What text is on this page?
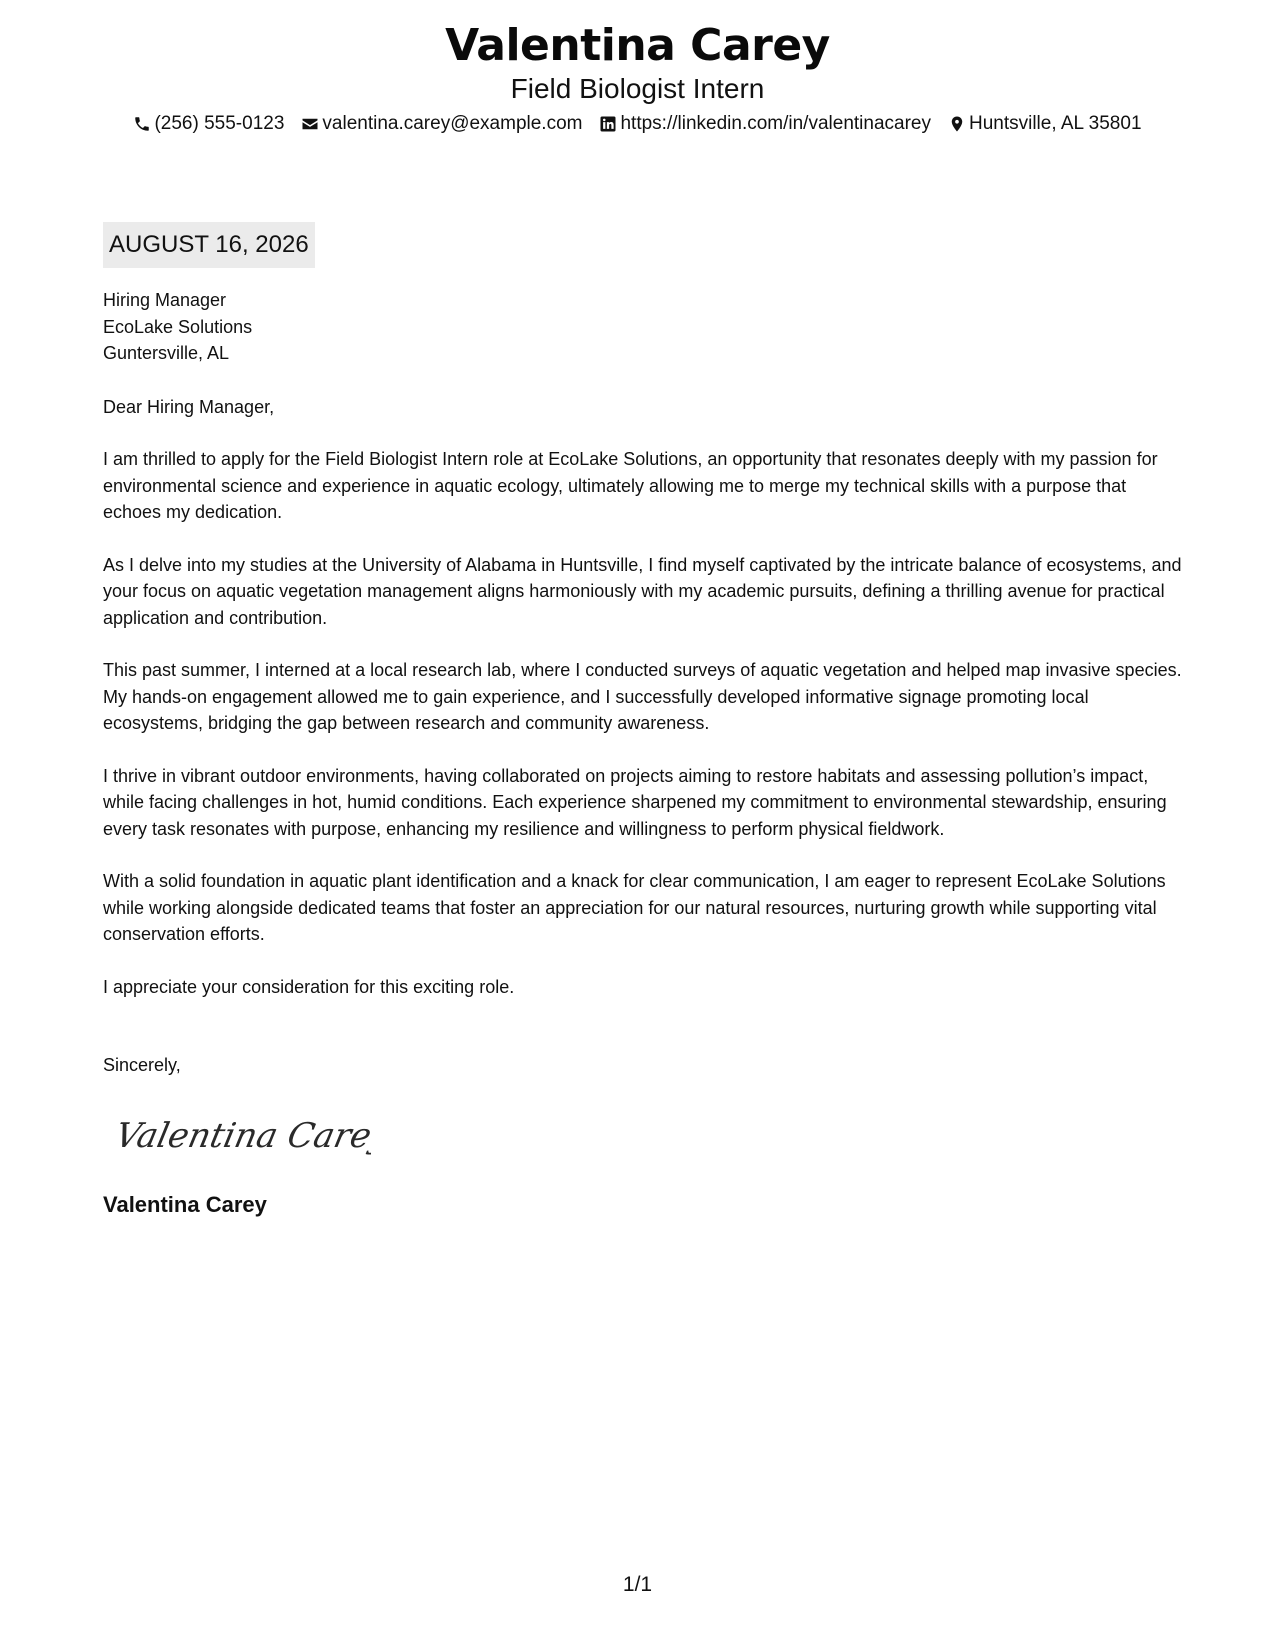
Valentina Carey
Field Biologist Intern
(256) 555-0123 valentina.carey@example.com https://linkedin.com/in/valentinacarey Huntsville, AL 35801
AUGUST 16, 2026
Hiring Manager
EcoLake Solutions
Guntersville, AL
Dear Hiring Manager,

I am thrilled to apply for the Field Biologist Intern role at EcoLake Solutions, an opportunity that resonates deeply with my passion for environmental science and experience in aquatic ecology, ultimately allowing me to merge my technical skills with a purpose that echoes my dedication.

As I delve into my studies at the University of Alabama in Huntsville, I find myself captivated by the intricate balance of ecosystems, and your focus on aquatic vegetation management aligns harmoniously with my academic pursuits, defining a thrilling avenue for practical application and contribution.

This past summer, I interned at a local research lab, where I conducted surveys of aquatic vegetation and helped map invasive species. My hands-on engagement allowed me to gain experience, and I successfully developed informative signage promoting local ecosystems, bridging the gap between research and community awareness.

I thrive in vibrant outdoor environments, having collaborated on projects aiming to restore habitats and assessing pollution’s impact, while facing challenges in hot, humid conditions. Each experience sharpened my commitment to environmental stewardship, ensuring every task resonates with purpose, enhancing my resilience and willingness to perform physical fieldwork.

With a solid foundation in aquatic plant identification and a knack for clear communication, I am eager to represent EcoLake Solutions while working alongside dedicated teams that foster an appreciation for our natural resources, nurturing growth while supporting vital conservation efforts.

I appreciate your consideration for this exciting role.

Sincerely,
Valentina Carey
Valentina Carey
1/1
